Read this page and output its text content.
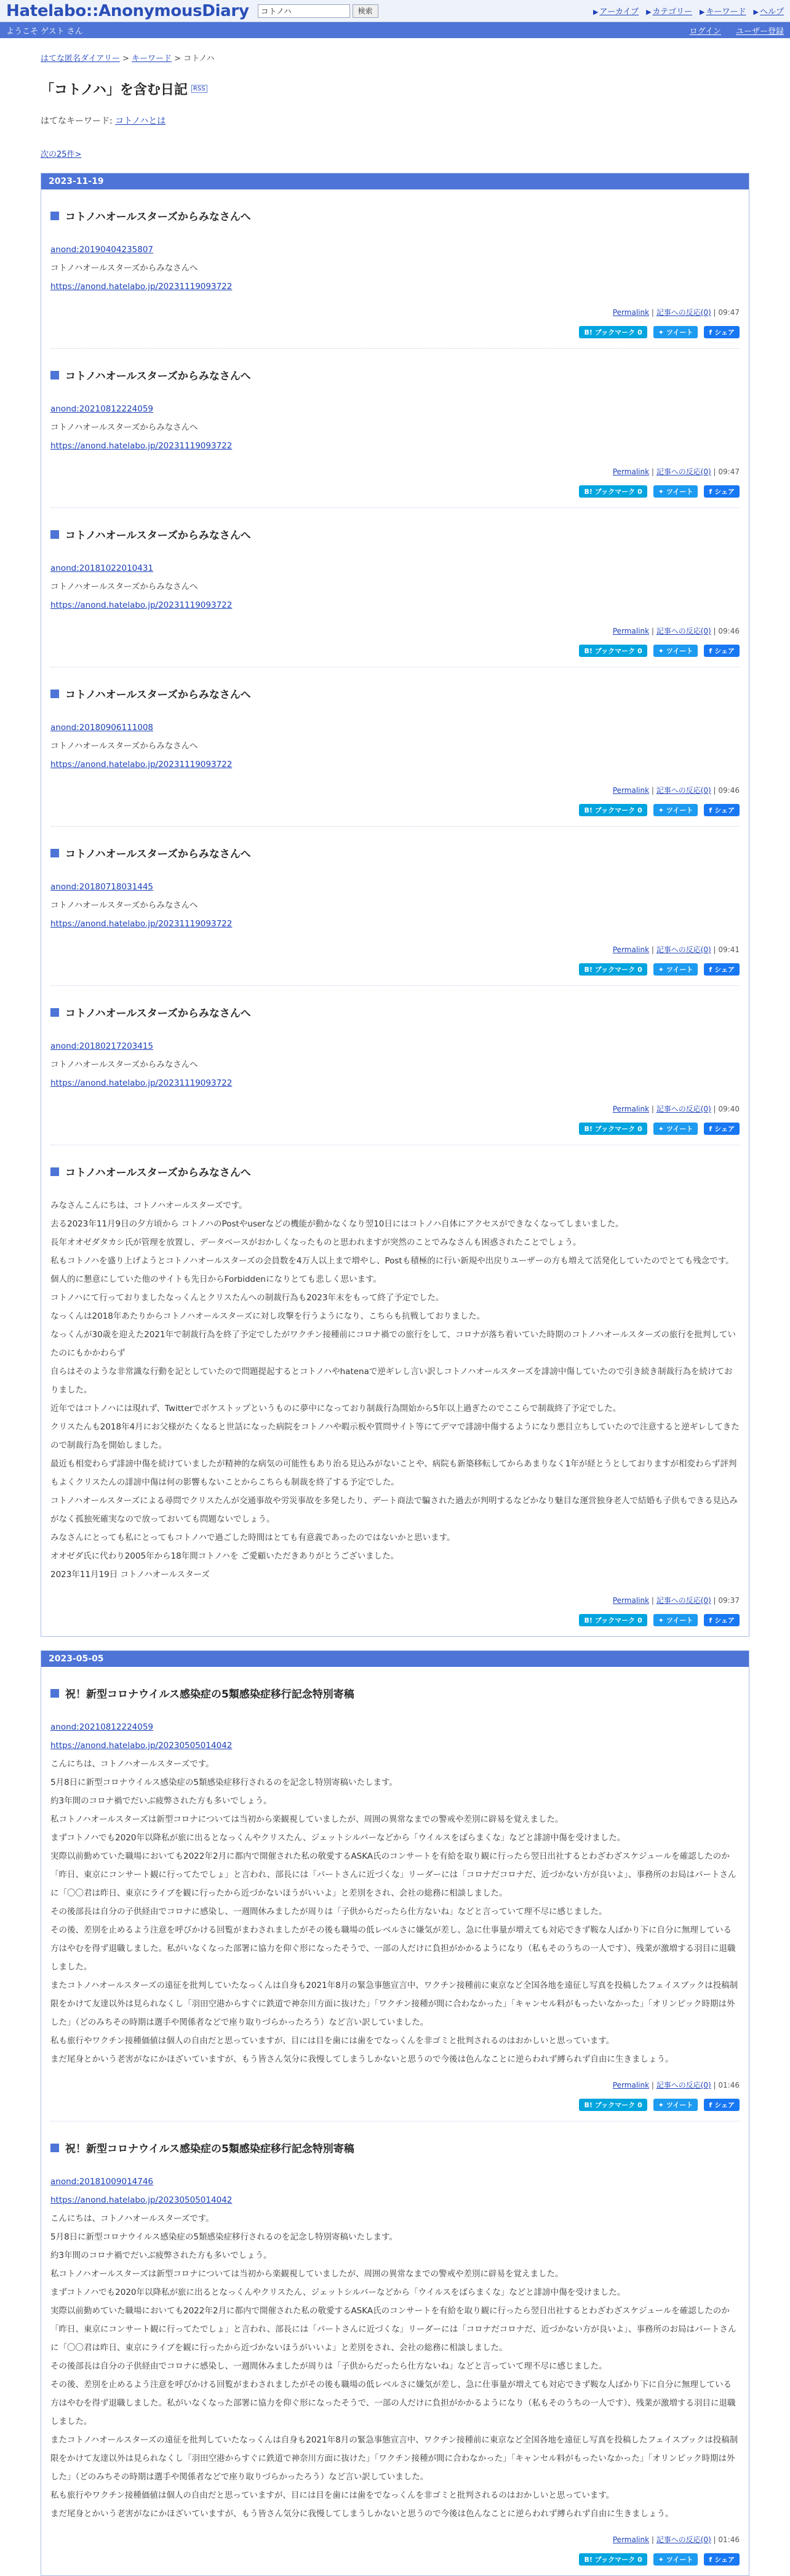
Hatelabo::AnonymousDiary
コトノハ	検索	▶ アーカイブ ▶ カテゴリー ▶ キーワード ▶ ヘルプ
ようこそ ゲスト さん	ログイン ユーザー登録
はてな匿名ダイアリー > キーワード > コトノハ
「コトノハ」を含む日記 RSS
はてなキーワード: コトノハとは
次の25件>
2023-11-19
コトノハオールスターズからみなさんへ

anond:20190404235807

コトノハオールスターズからみなさんへ

https://anond.hatelabo.jp/20231119093722

Permalink | 記事への反応(0) | 09:47
B! ブックマーク 0 ✦ ツイート f シェア
コトノハオールスターズからみなさんへ

anond:20210812224059

コトノハオールスターズからみなさんへ

https://anond.hatelabo.jp/20231119093722

Permalink | 記事への反応(0) | 09:47
B! ブックマーク 0 ✦ ツイート f シェア
コトノハオールスターズからみなさんへ

anond:20181022010431

コトノハオールスターズからみなさんへ

https://anond.hatelabo.jp/20231119093722

Permalink | 記事への反応(0) | 09:46
B! ブックマーク 0 ✦ ツイート f シェア
コトノハオールスターズからみなさんへ

anond:20180906111008

コトノハオールスターズからみなさんへ

https://anond.hatelabo.jp/20231119093722

Permalink | 記事への反応(0) | 09:46
B! ブックマーク 0 ✦ ツイート f シェア
コトノハオールスターズからみなさんへ

anond:20180718031445

コトノハオールスターズからみなさんへ

https://anond.hatelabo.jp/20231119093722

Permalink | 記事への反応(0) | 09:41
B! ブックマーク 0 ✦ ツイート f シェア
コトノハオールスターズからみなさんへ

anond:20180217203415

コトノハオールスターズからみなさんへ

https://anond.hatelabo.jp/20231119093722

Permalink | 記事への反応(0) | 09:40
B! ブックマーク 0 ✦ ツイート f シェア
コトノハオールスターズからみなさんへ

みなさんこんにちは、コトノハオールスターズです。

去る2023年11月9日の夕方頃から コトノハのPostやuserなどの機能が動かなくなり翌10日にはコトノハ自体にアクセスができなくなってしまいました。

長年オオゼダタカシ氏が管理を放置し、データベースがおかしくなったものと思われますが突然のことでみなさんも困惑されたことでしょう。

私もコトノハを盛り上げようとコトノハオールスターズの会員数を4万人以上まで増やし、Postも積極的に行い新規や出戻りユーザーの方も増えて活発化していたのでとても残念です。

個人的に懇意にしていた他のサイトも先日からForbiddenになりとても悲しく思います。

コトノハにて行っておりましたなっくんとクリスたんへの制裁行為も2023年末をもって終了予定でした。

なっくんは2018年あたりからコトノハオールスターズに対し攻撃を行うようになり、こちらも抗戦しておりました。

なっくんが30歳を迎えた2021年で制裁行為を終了予定でしたがワクチン接種前にコロナ禍での旅行をして、コロナが落ち着いていた時期のコトノハオールスターズの旅行を批判していたのにもかかわらず

自らはそのような非常識な行動を記としていたので問題提起するとコトノハやhatenaで逆ギレし言い訳しコトノハオールスターズを誹謗中傷していたので引き続き制裁行為を続けておりました。

近年ではコトノハには現れず、Twitterでボケストップというものに夢中になっており制裁行為開始から5年以上過ぎたのでここらで制裁終了予定でした。

クリスたんも2018年4月にお父様がたくなると世話になった病院をコトノハや暇示板や質問サイト等にてデマで誹謗中傷するようになり悪目立ちしていたので注意すると逆ギレしてきたので制裁行為を開始しました。

最近も相変わらず誹謗中傷を続けていましたが精神的な病気の可能性もあり治る見込みがないことや、病院も新築移転してからあまりなく1年が経とうとしておりますが相変わらず評判もよくクリスたんの誹謗中傷は何の影響もないことからこちらも制裁を終了する予定でした。

コトノハオールスターズによる尋問でクリスたんが交通事故や労災事故を多発したり、デート商法で騙された過去が判明するなどかなり魅目な運営独身老人で結婚も子供もできる見込みがなく孤独死確実なので放っておいても問題ないでしょう。

みなさんにとっても私にとってもコトノハで過ごした時間はとても有意義であったのではないかと思います。

オオゼダ氏に代わり2005年から18年間コトノハを ご愛顧いただきありがとうございました。

2023年11月19日 コトノハオールスターズ

Permalink | 記事への反応(0) | 09:37
B! ブックマーク 0 ✦ ツイート f シェア
2023-05-05
祝！新型コロナウイルス感染症の5類感染症移行記念特別寄稿

anond:20210812224059

https://anond.hatelabo.jp/20230505014042

こんにちは、コトノハオールスターズです。

5月8日に新型コロナウイルス感染症の5類感染症移行されるのを記念し特別寄稿いたします。

約3年間のコロナ禍でだいぶ疲弊された方も多いでしょう。

私コトノハオールスターズは新型コロナについては当初から楽観視していましたが、周囲の異常なまでの警戒や差別に辟易を覚えました。

まずコトノハでも2020年以降私が旅に出るとなっくんやクリスたん、ジェットシルバーなどから「ウイルスをばらまくな」などと誹謗中傷を受けました。

実際以前勤めていた職場においても2022年2月に都内で開催された私の敬愛するASKA氏のコンサートを有給を取り観に行ったら翌日出社するとわざわざスケジュールを確認したのか

「昨日、東京にコンサート観に行ってたでしょ」と言われ、部長には「パートさんに近づくな」リーダーには「コロナだコロナだ、近づかない方が良いよ」、事務所のお局はパートさんに「〇〇君は昨日、東京にライブを観に行ったから近づかないほうがいいよ」と差別をされ、会社の総務に相談しました。

その後部長は自分の子供経由でコロナに感染し、一週間休みましたが周りは「子供からだったら仕方ないね」などと言っていて理不尽に感じました。

その後、差別を止めるよう注意を呼びかける回覧がまわされましたがその後も職場の低レベルさに嫌気が差し、急に仕事量が増えても対応できず鞍な人ばかり下に自分に無理している方はやむを得ず退職しました。私がいなくなった部署に協力を仰ぐ形になったそうで、一部の人だけに負担がかかるようになり（私もそのうちの一人です）、残業が激増する羽目に退職しました。

またコトノハオールスターズの遠征を批判していたなっくんは自身も2021年8月の緊急事態宣言中、ワクチン接種前に東京など全国各地を遠征し写真を投稿したフェイスブックは投稿制限をかけて友達以外は見られなくし「羽田空港からすぐに鉄道で神奈川方面に抜けた」「ワクチン接種が間に合わなかった」「キャンセル料がもったいなかった」「オリンピック時期は外した」（どのみちその時期は選手や関係者などで座り取りづらかったろう）など言い訳していました。

私も旅行やワクチン接種価値は個人の自由だと思っていますが、目には目を歯には歯をでなっくんを非ゴミと批判されるのはおかしいと思っています。

まだ尾身とかいう老害がなにかほざいていますが、もう皆さん気分に我慢してしまうしかないと思うので今後は色んなことに逆らわれず縛られず自由に生きましょう。

Permalink | 記事への反応(0) | 01:46
B! ブックマーク 0 ✦ ツイート f シェア
祝！新型コロナウイルス感染症の5類感染症移行記念特別寄稿

anond:20181009014746

https://anond.hatelabo.jp/20230505014042

こんにちは、コトノハオールスターズです。

5月8日に新型コロナウイルス感染症の5類感染症移行されるのを記念し特別寄稿いたします。

約3年間のコロナ禍でだいぶ疲弊された方も多いでしょう。

私コトノハオールスターズは新型コロナについては当初から楽観視していましたが、周囲の異常なまでの警戒や差別に辟易を覚えました。

まずコトノハでも2020年以降私が旅に出るとなっくんやクリスたん、ジェットシルバーなどから「ウイルスをばらまくな」などと誹謗中傷を受けました。

実際以前勤めていた職場においても2022年2月に都内で開催された私の敬愛するASKA氏のコンサートを有給を取り観に行ったら翌日出社するとわざわざスケジュールを確認したのか

「昨日、東京にコンサート観に行ってたでしょ」と言われ、部長には「パートさんに近づくな」リーダーには「コロナだコロナだ、近づかない方が良いよ」、事務所のお局はパートさんに「〇〇君は昨日、東京にライブを観に行ったから近づかないほうがいいよ」と差別をされ、会社の総務に相談しました。

その後部長は自分の子供経由でコロナに感染し、一週間休みましたが周りは「子供からだったら仕方ないね」などと言っていて理不尽に感じました。

その後、差別を止めるよう注意を呼びかける回覧がまわされましたがその後も職場の低レベルさに嫌気が差し、急に仕事量が増えても対応できず鞍な人ばかり下に自分に無理している方はやむを得ず退職しました。私がいなくなった部署に協力を仰ぐ形になったそうで、一部の人だけに負担がかかるようになり（私もそのうちの一人です）、残業が激増する羽目に退職しました。

またコトノハオールスターズの遠征を批判していたなっくんは自身も2021年8月の緊急事態宣言中、ワクチン接種前に東京など全国各地を遠征し写真を投稿したフェイスブックは投稿制限をかけて友達以外は見られなくし「羽田空港からすぐに鉄道で神奈川方面に抜けた」「ワクチン接種が間に合わなかった」「キャンセル料がもったいなかった」「オリンピック時期は外した」（どのみちその時期は選手や関係者などで座り取りづらかったろう）など言い訳していました。

私も旅行やワクチン接種価値は個人の自由だと思っていますが、目には目を歯には歯をでなっくんを非ゴミと批判されるのはおかしいと思っています。

まだ尾身とかいう老害がなにかほざいていますが、もう皆さん気分に我慢してしまうしかないと思うので今後は色んなことに逆らわれず縛られず自由に生きましょう。

Permalink | 記事への反応(0) | 01:46
B! ブックマーク 0 ✦ ツイート f シェア
